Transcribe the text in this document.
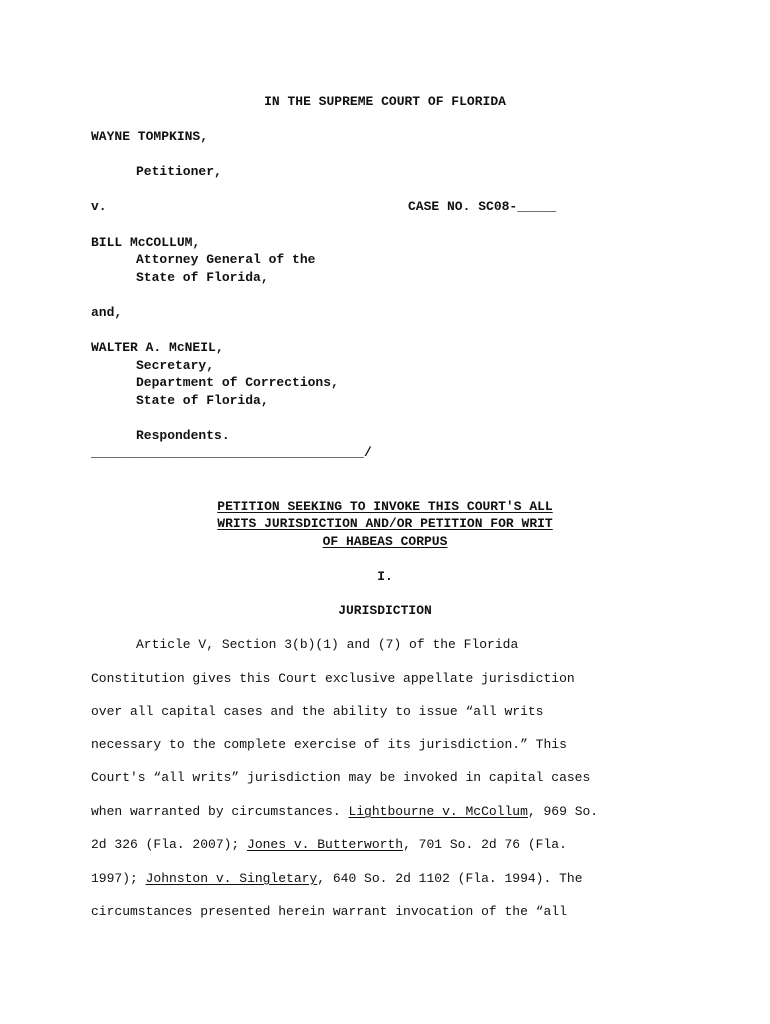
IN THE SUPREME COURT OF FLORIDA
WAYNE TOMPKINS,
Petitioner,
v.	CASE NO. SC08-_____
BILL McCOLLUM,
Attorney General of the
State of Florida,
and,
WALTER A. McNEIL,
Secretary,
Department of Corrections,
State of Florida,
Respondents.
___________________________________/
PETITION SEEKING TO INVOKE THIS COURT'S ALL
WRITS JURISDICTION AND/OR PETITION FOR WRIT
OF HABEAS CORPUS
I.
JURISDICTION
Article V, Section 3(b)(1) and (7) of the Florida
Constitution gives this Court exclusive appellate jurisdiction
over all capital cases and the ability to issue “all writs
necessary to the complete exercise of its jurisdiction.” This
Court's “all writs” jurisdiction may be invoked in capital cases
when warranted by circumstances. Lightbourne v. McCollum, 969 So.
2d 326 (Fla. 2007); Jones v. Butterworth, 701 So. 2d 76 (Fla.
1997); Johnston v. Singletary, 640 So. 2d 1102 (Fla. 1994). The
circumstances presented herein warrant invocation of the “all
